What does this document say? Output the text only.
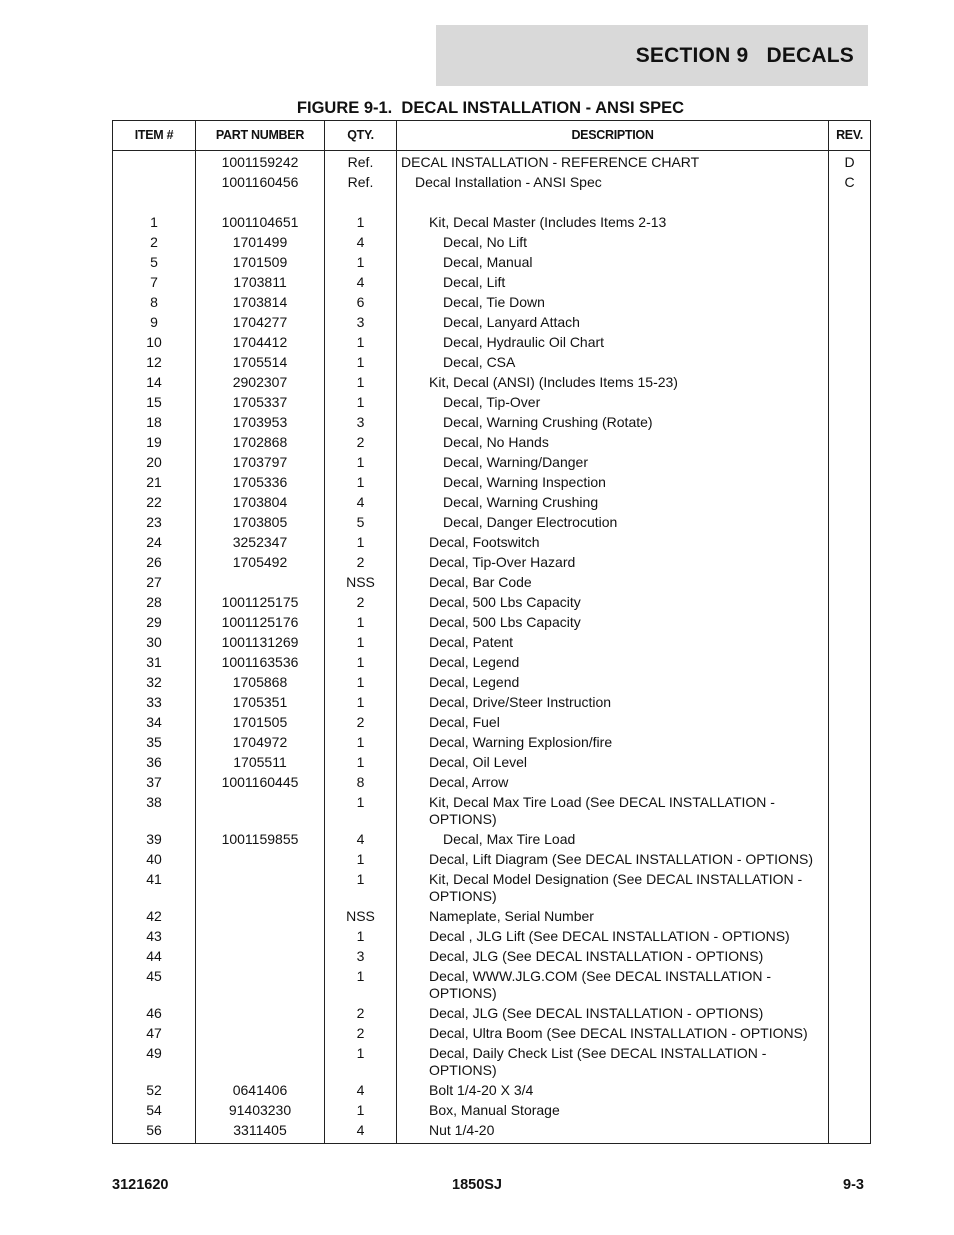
SECTION 9   DECALS
FIGURE 9-1.  DECAL INSTALLATION - ANSI SPEC
ITEM #	PART NUMBER	QTY.	DESCRIPTION	REV.
	1001159242	Ref.	DECAL INSTALLATION - REFERENCE CHART	D
	1001160456	Ref.	Decal Installation - ANSI Spec	C

1	1001104651	1	Kit, Decal Master (Includes Items 2-13	
2	1701499	4	Decal, No Lift	
5	1701509	1	Decal, Manual	
7	1703811	4	Decal, Lift	
8	1703814	6	Decal, Tie Down	
9	1704277	3	Decal, Lanyard Attach	
10	1704412	1	Decal, Hydraulic Oil Chart	
12	1705514	1	Decal, CSA	
14	2902307	1	Kit, Decal (ANSI) (Includes Items 15-23)	
15	1705337	1	Decal, Tip-Over	
18	1703953	3	Decal, Warning Crushing (Rotate)	
19	1702868	2	Decal, No Hands	
20	1703797	1	Decal, Warning/Danger	
21	1705336	1	Decal, Warning Inspection	
22	1703804	4	Decal, Warning Crushing	
23	1703805	5	Decal, Danger Electrocution	
24	3252347	1	Decal, Footswitch	
26	1705492	2	Decal, Tip-Over Hazard	
27		NSS	Decal, Bar Code	
28	1001125175	2	Decal, 500 Lbs Capacity	
29	1001125176	1	Decal, 500 Lbs Capacity	
30	1001131269	1	Decal, Patent	
31	1001163536	1	Decal, Legend	
32	1705868	1	Decal, Legend	
33	1705351	1	Decal, Drive/Steer Instruction	
34	1701505	2	Decal, Fuel	
35	1704972	1	Decal, Warning Explosion/fire	
36	1705511	1	Decal, Oil Level	
37	1001160445	8	Decal, Arrow	
38		1	Kit, Decal Max Tire Load (See DECAL INSTALLATION - OPTIONS)	
39	1001159855	4	Decal, Max Tire Load	
40		1	Decal, Lift Diagram (See DECAL INSTALLATION - OPTIONS)	
41		1	Kit, Decal Model Designation (See DECAL INSTALLATION - OPTIONS)	
42		NSS	Nameplate, Serial Number	
43		1	Decal , JLG Lift (See DECAL INSTALLATION - OPTIONS)	
44		3	Decal, JLG (See DECAL INSTALLATION - OPTIONS)	
45		1	Decal, WWW.JLG.COM (See DECAL INSTALLATION - OPTIONS)	
46		2	Decal, JLG (See DECAL INSTALLATION - OPTIONS)	
47		2	Decal, Ultra Boom (See DECAL INSTALLATION - OPTIONS)	
49		1	Decal, Daily Check List (See DECAL INSTALLATION - OPTIONS)	
52	0641406	4	Bolt 1/4-20 X 3/4	
54	91403230	1	Box, Manual Storage	
56	3311405	4	Nut 1/4-20	
3121620	1850SJ	9-3
